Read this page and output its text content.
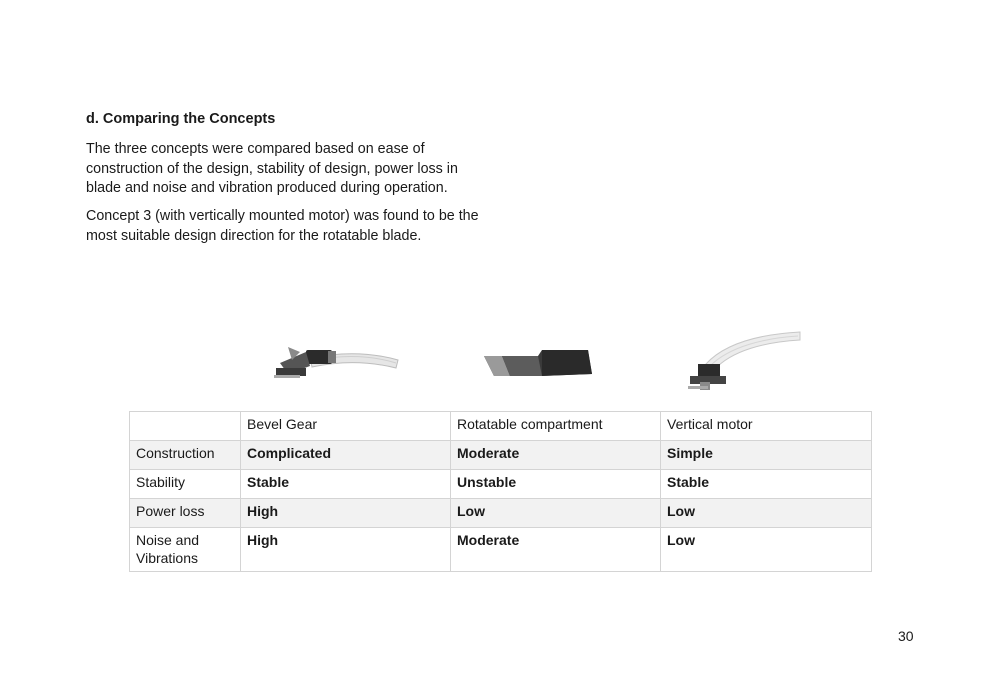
d. Comparing the Concepts

The three concepts were compared based on ease of construction of the design, stability of design, power loss in blade and noise and vibration produced during operation.

Concept 3 (with vertically mounted motor) was found to be the most suitable design direction for the rotatable blade.

	Bevel Gear	Rotatable compartment	Vertical motor
Construction	Complicated	Moderate	Simple
Stability	Stable	Unstable	Stable
Power loss	High	Low	Low
Noise and Vibrations	High	Moderate	Low
30
